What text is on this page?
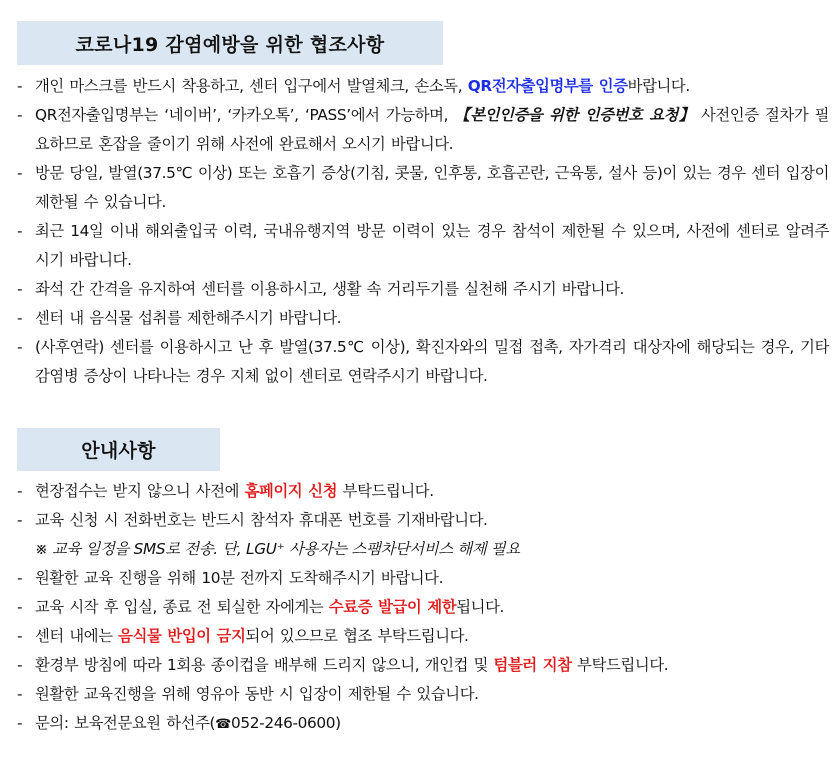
코로나19 감염예방을 위한 협조사항
- 개인 마스크를 반드시 착용하고, 센터 입구에서 발열체크, 손소독, QR전자출입명부를 인증바랍니다.
- QR전자출입명부는 ‘네이버’, ‘카카오톡’, ‘PASS’에서 가능하며, 【본인인증을 위한 인증번호 요청】 사전인증 절차가 필요하므로 혼잡을 줄이기 위해 사전에 완료해서 오시기 바랍니다.
- 방문 당일, 발열(37.5℃ 이상) 또는 호흡기 증상(기침, 콧물, 인후통, 호흡곤란, 근육통, 설사 등)이 있는 경우 센터 입장이 제한될 수 있습니다.
- 최근 14일 이내 해외출입국 이력, 국내유행지역 방문 이력이 있는 경우 참석이 제한될 수 있으며, 사전에 센터로 알려주시기 바랍니다.
- 좌석 간 간격을 유지하여 센터를 이용하시고, 생활 속 거리두기를 실천해 주시기 바랍니다.
- 센터 내 음식물 섭취를 제한해주시기 바랍니다.
- (사후연락) 센터를 이용하시고 난 후 발열(37.5℃ 이상), 확진자와의 밀접 접촉, 자가격리 대상자에 해당되는 경우, 기타 감염병 증상이 나타나는 경우 지체 없이 센터로 연락주시기 바랍니다.
안내사항
- 현장접수는 받지 않으니 사전에 홈페이지 신청 부탁드립니다.
- 교육 신청 시 전화번호는 반드시 참석자 휴대폰 번호를 기재바랍니다.
※ 교육 일정을 SMS로 전송. 단, LGU⁺ 사용자는 스팸차단서비스 해제 필요
- 원활한 교육 진행을 위해 10분 전까지 도착해주시기 바랍니다.
- 교육 시작 후 입실, 종료 전 퇴실한 자에게는 수료증 발급이 제한됩니다.
- 센터 내에는 음식물 반입이 금지되어 있으므로 협조 부탁드립니다.
- 환경부 방침에 따라 1회용 종이컵을 배부해 드리지 않으니, 개인컵 및 텀블러 지참 부탁드립니다.
- 원활한 교육진행을 위해 영유아 동반 시 입장이 제한될 수 있습니다.
- 문의: 보육전문요원 하선주(☎052-246-0600)
